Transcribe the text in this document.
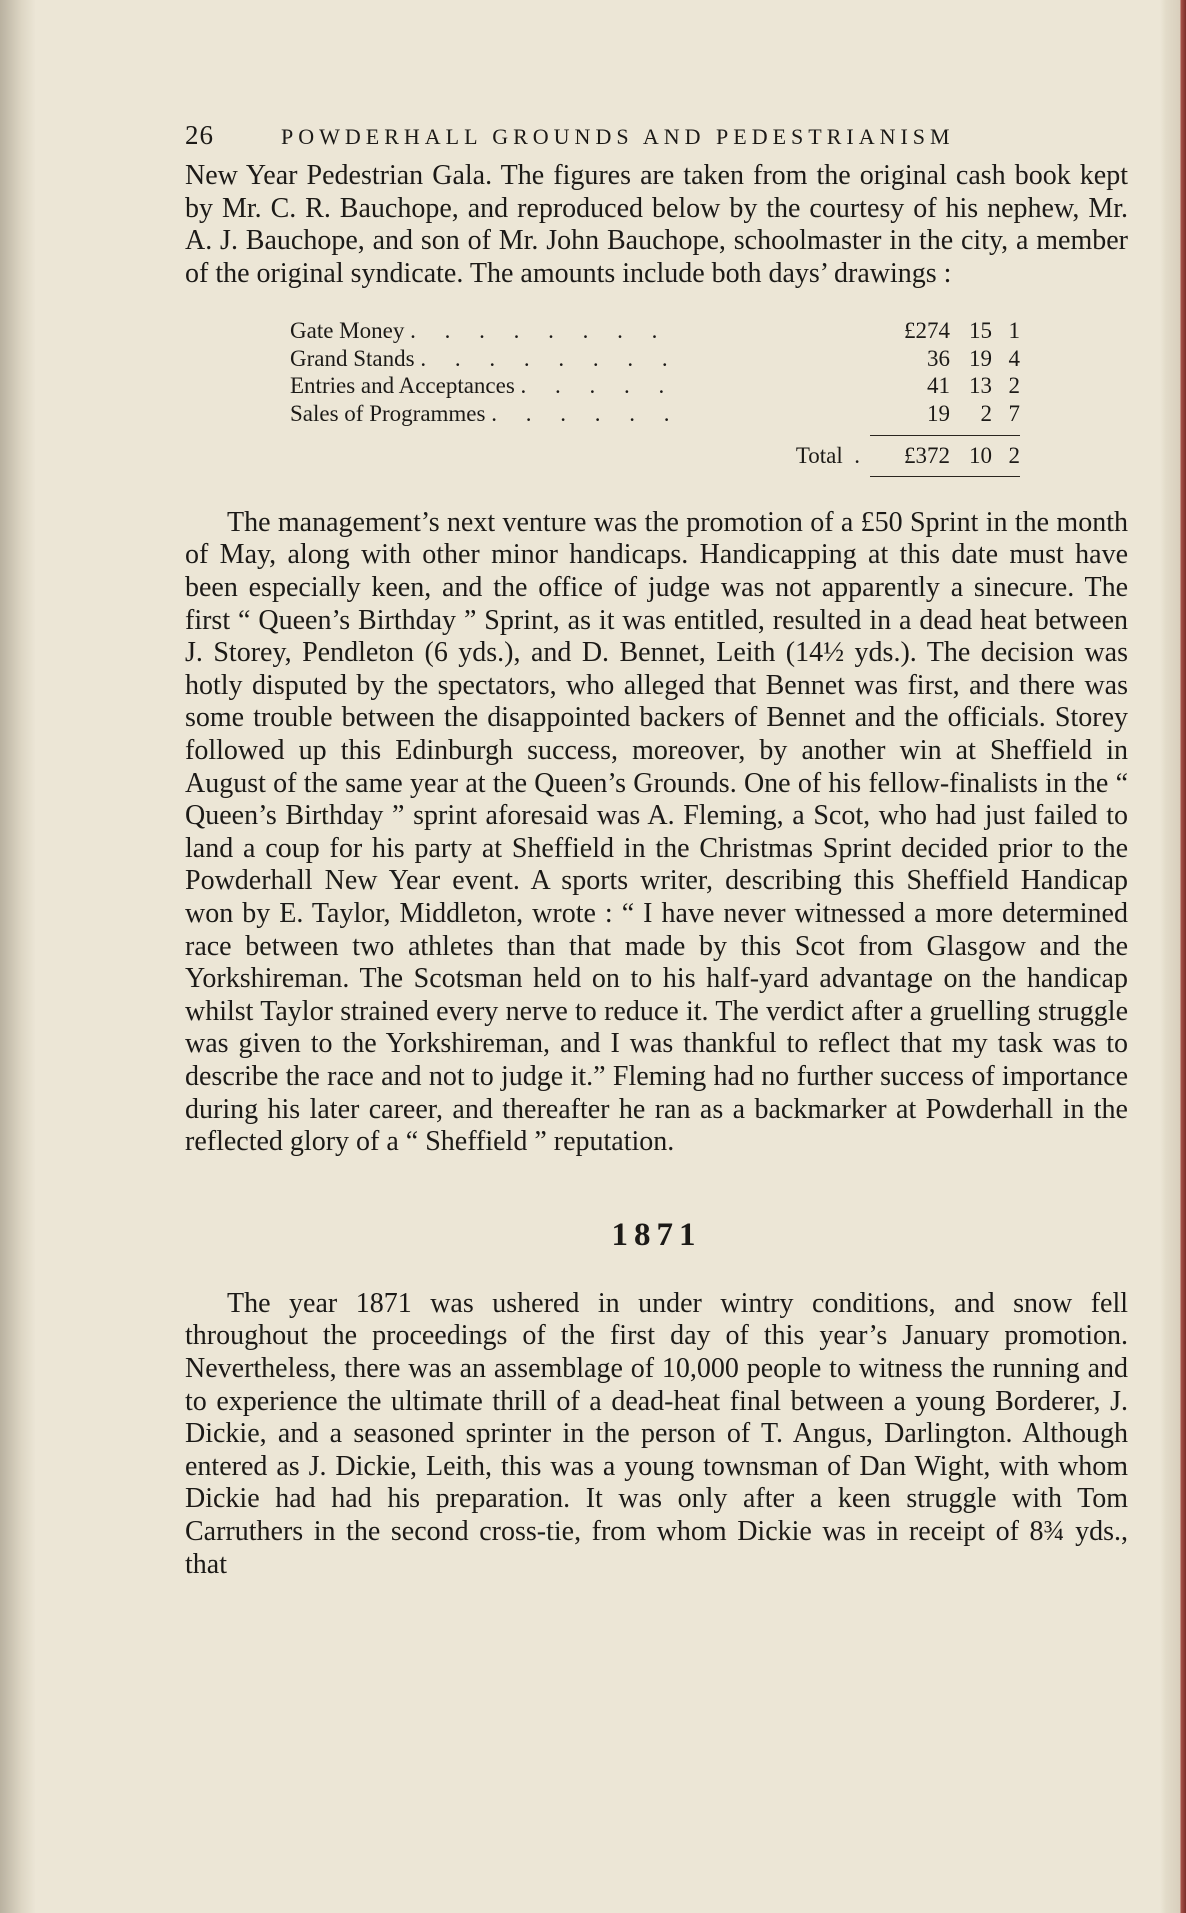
26	POWDERHALL GROUNDS AND PEDESTRIANISM

New Year Pedestrian Gala. The figures are taken from the original cash book kept by Mr. C. R. Bauchope, and reproduced below by the courtesy of his nephew, Mr. A. J. Bauchope, and son of Mr. John Bauchope, schoolmaster in the city, a member of the original syndicate. The amounts include both days’ drawings :

Gate Money .	£274 15 1
Grand Stands .	36 19 4
Entries and Acceptances .	41 13 2
Sales of Programmes .	19	2 7
Total .	£372 10 2

The management’s next venture was the promotion of a £50 Sprint in the month of May, along with other minor handicaps. Handicapping at this date must have been especially keen, and the office of judge was not apparently a sinecure. The first “ Queen’s Birthday ” Sprint, as it was entitled, resulted in a dead heat between J. Storey, Pendleton (6 yds.), and D. Bennet, Leith (14½ yds.). The decision was hotly disputed by the spectators, who alleged that Bennet was first, and there was some trouble between the disappointed backers of Bennet and the officials. Storey followed up this Edinburgh success, moreover, by another win at Sheffield in August of the same year at the Queen’s Grounds. One of his fellow-finalists in the “ Queen’s Birthday ” sprint aforesaid was A. Fleming, a Scot, who had just failed to land a coup for his party at Sheffield in the Christmas Sprint decided prior to the Powderhall New Year event. A sports writer, describing this Sheffield Handicap won by E. Taylor, Middleton, wrote : “ I have never witnessed a more determined race between two athletes than that made by this Scot from Glasgow and the Yorkshireman. The Scotsman held on to his half-yard advantage on the handicap whilst Taylor strained every nerve to reduce it. The verdict after a gruelling struggle was given to the Yorkshireman, and I was thankful to reflect that my task was to describe the race and not to judge it.” Fleming had no further success of importance during his later career, and thereafter he ran as a backmarker at Powderhall in the reflected glory of a “ Sheffield ” reputation.

1871

The year 1871 was ushered in under wintry conditions, and snow fell throughout the proceedings of the first day of this year’s January promotion. Nevertheless, there was an assemblage of 10,000 people to witness the running and to experience the ultimate thrill of a dead-heat final between a young Borderer, J. Dickie, and a seasoned sprinter in the person of T. Angus, Darlington. Although entered as J. Dickie, Leith, this was a young townsman of Dan Wight, with whom Dickie had had his preparation. It was only after a keen struggle with Tom Carruthers in the second cross-tie, from whom Dickie was in receipt of 8¾ yds., that
